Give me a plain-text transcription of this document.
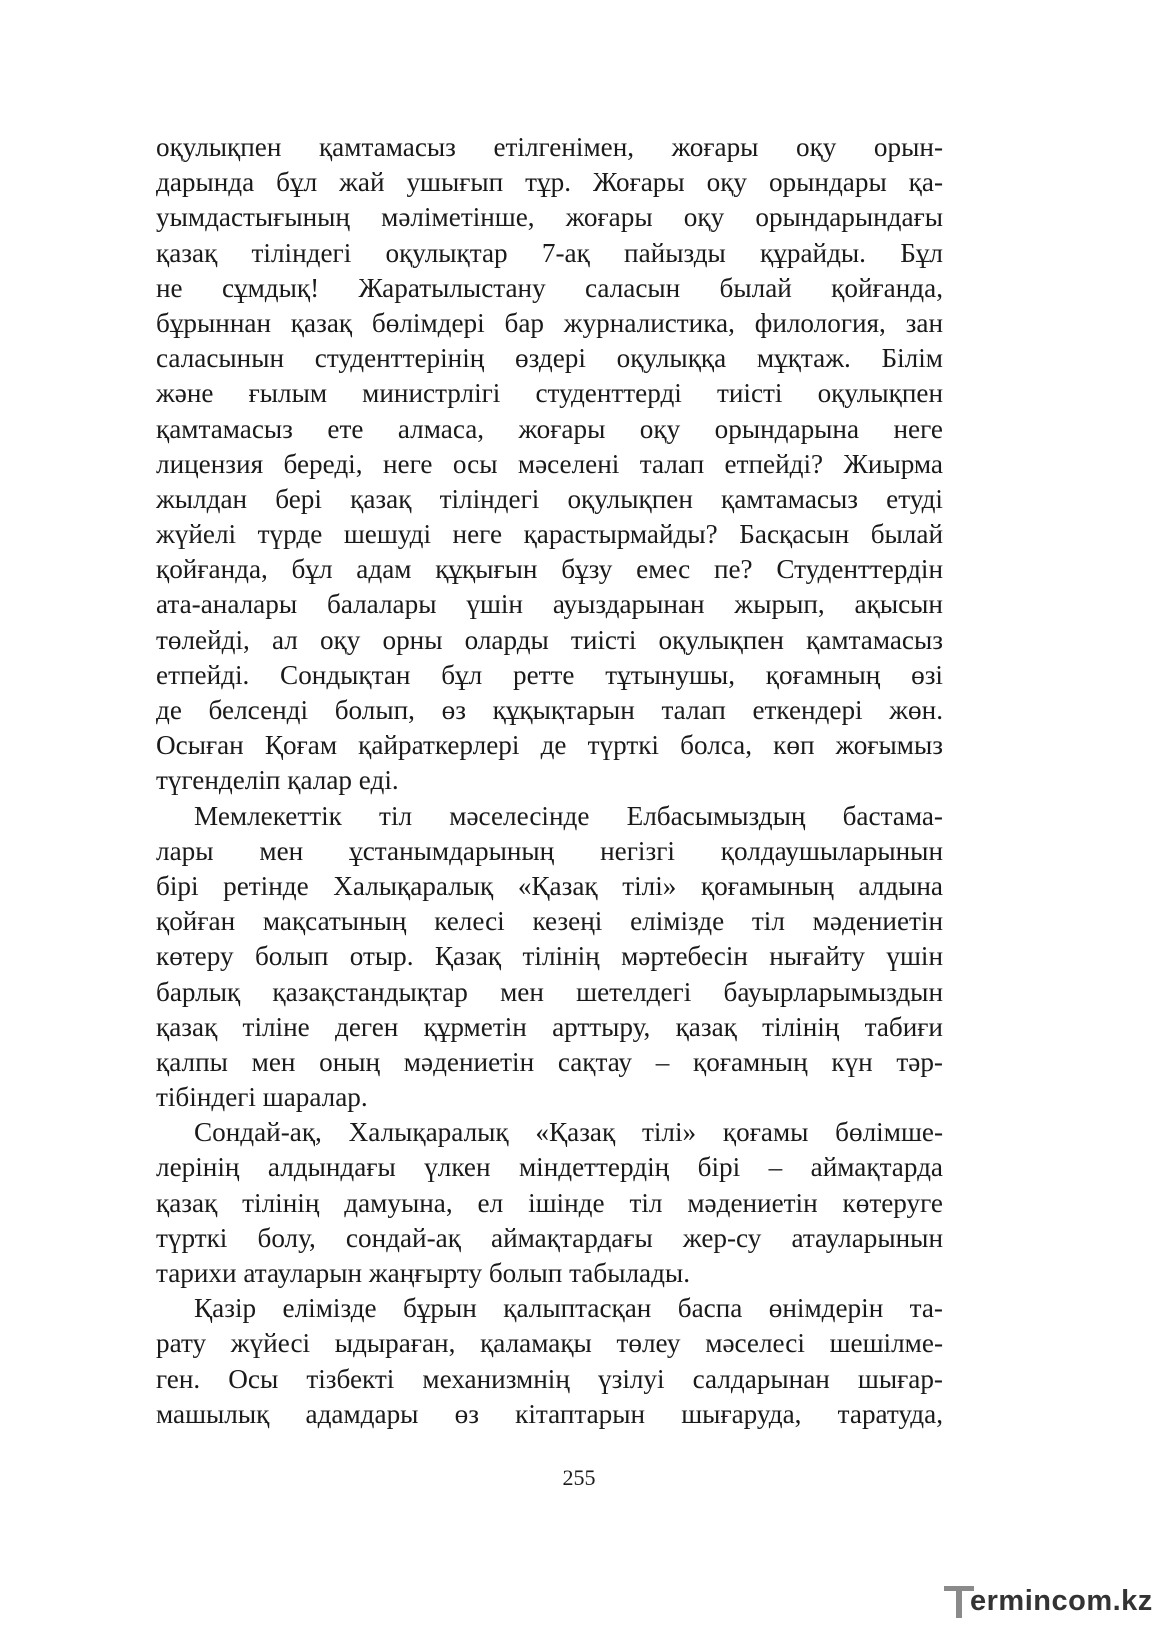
оқулықпен қамтамасыз етілгенімен, жоғары оқу орын-
дарында бұл жай ушығып тұр. Жоғары оқу орындары қа-
уымдастығының мәліметінше, жоғары оқу орындарындағы
қазақ тіліндегі оқулықтар 7-ақ пайызды құрайды. Бұл
не сұмдық! Жаратылыстану саласын былай қойғанда,
бұрыннан қазақ бөлімдері бар журналистика, филология, зан
саласынын студенттерінің өздері оқулыққа мұқтаж. Білім
және ғылым министрлігі студенттерді тиісті оқулықпен
қамтамасыз ете алмаса, жоғары оқу орындарына неге
лицензия береді, неге осы мәселені талап етпейді? Жиырма
жылдан бері қазақ тіліндегі оқулықпен қамтамасыз етуді
жүйелі түрде шешуді неге қарастырмайды? Басқасын былай
қойғанда, бұл адам құқығын бұзу емес пе? Студенттердін
ата-аналары балалары үшін ауыздарынан жырып, ақысын
төлейді, ал оқу орны оларды тиісті оқулықпен қамтамасыз
етпейді. Сондықтан бұл ретте тұтынушы, қоғамның өзі
де белсенді болып, өз құқықтарын талап еткендері жөн.
Осыған Қоғам қайраткерлері де түрткі болса, көп жоғымыз
түгенделіп қалар еді.
Мемлекеттік тіл мәселесінде Елбасымыздың бастама-
лары мен ұстанымдарының негізгі қолдаушыларынын
бірі ретінде Халықаралық «Қазақ тілі» қоғамының алдына
қойған мақсатының келесі кезеңі елімізде тіл мәдениетін
көтеру болып отыр. Қазақ тілінің мәртебесін нығайту үшін
барлық қазақстандықтар мен шетелдегі бауырларымыздын
қазақ тіліне деген құрметін арттыру, қазақ тілінің табиғи
қалпы мен оның мәдениетін сақтау – қоғамның күн тәр-
тібіндегі шаралар.
Сондай-ақ, Халықаралық «Қазақ тілі» қоғамы бөлімше-
лерінің алдындағы үлкен міндеттердің бірі – аймақтарда
қазақ тілінің дамуына, ел ішінде тіл мәдениетін көтеруге
түрткі болу, сондай-ақ аймақтардағы жер-су атауларынын
тарихи атауларын жаңғырту болып табылады.
Қазір елімізде бұрын қалыптасқан баспа өнімдерін та-
рату жүйесі ыдыраған, қаламақы төлеу мәселесі шешілме-
ген. Осы тізбекті механизмнің үзілуі салдарынан шығар-
машылық адамдары өз кітаптарын шығаруда, таратуда,
255
ermincom.kz
